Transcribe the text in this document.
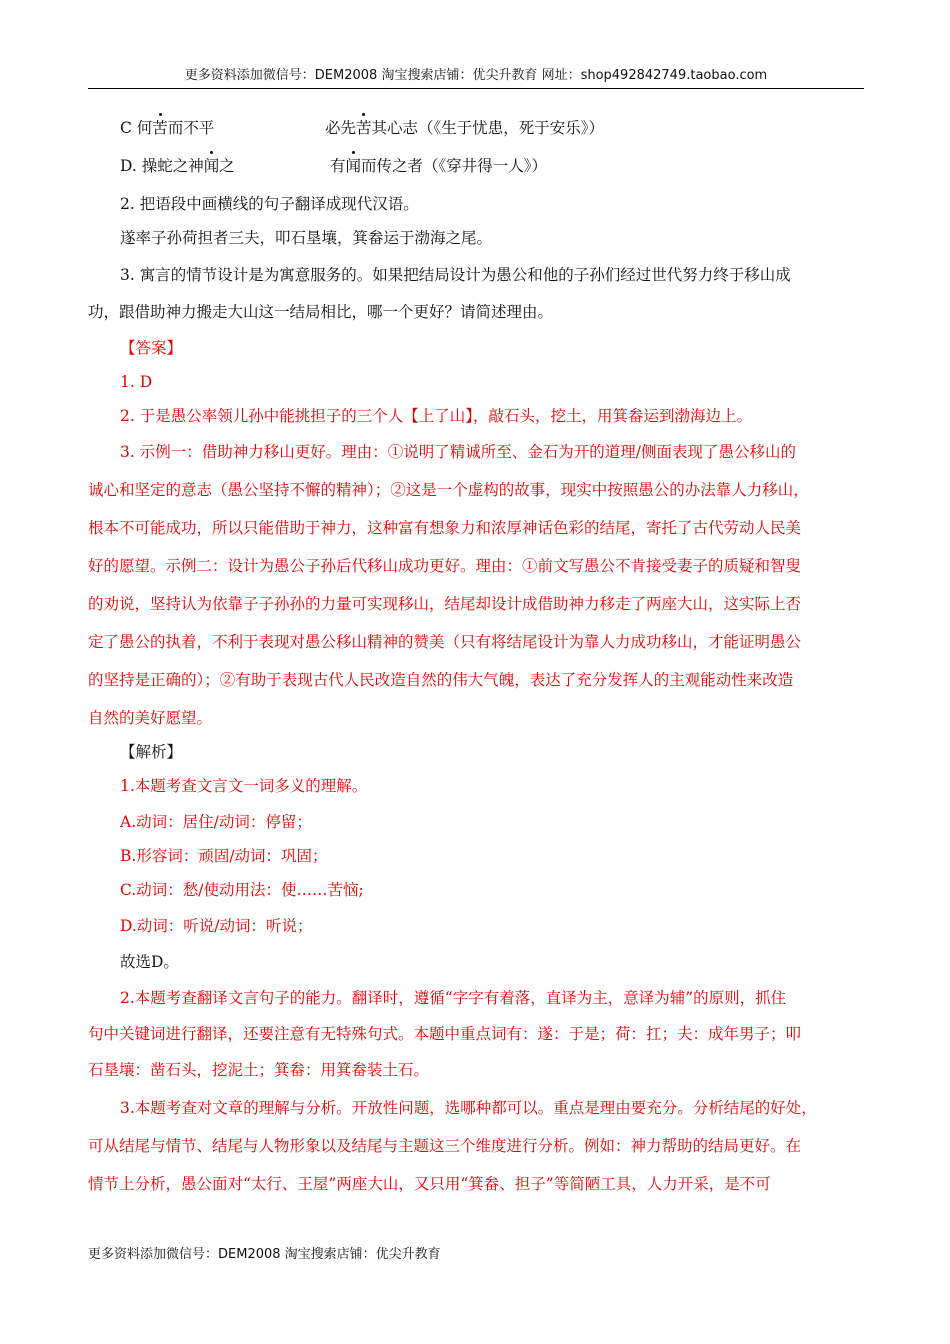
更多资料添加微信号：DEM2008 淘宝搜索店铺：优尖升教育 网址：shop492842749.taobao.com
C 何苦而不平	必先苦其心志（《生于忧患，死于安乐》）
D. 操蛇之神闻之	有闻而传之者（《穿井得一人》）
2. 把语段中画横线的句子翻译成现代汉语。
遂率子孙荷担者三夫，叩石垦壤，箕畚运于渤海之尾。
3. 寓言的情节设计是为寓意服务的。如果把结局设计为愚公和他的子孙们经过世代努力终于移山成
功，跟借助神力搬走大山这一结局相比，哪一个更好？请简述理由。
【答案】
1. D
2. 于是愚公率领儿孙中能挑担子的三个人【上了山】，敲石头，挖土，用箕畚运到渤海边上。
3. 示例一：借助神力移山更好。理由：①说明了精诚所至、金石为开的道理/侧面表现了愚公移山的
诚心和坚定的意志（愚公坚持不懈的精神）；②这是一个虚构的故事，现实中按照愚公的办法靠人力移山，
根本不可能成功，所以只能借助于神力，这种富有想象力和浓厚神话色彩的结尾，寄托了古代劳动人民美
好的愿望。示例二：设计为愚公子孙后代移山成功更好。理由：①前文写愚公不肯接受妻子的质疑和智叟
的劝说，坚持认为依靠子子孙孙的力量可实现移山，结尾却设计成借助神力移走了两座大山，这实际上否
定了愚公的执着，不利于表现对愚公移山精神的赞美（只有将结尾设计为靠人力成功移山，才能证明愚公
的坚持是正确的）；②有助于表现古代人民改造自然的伟大气魄，表达了充分发挥人的主观能动性来改造
自然的美好愿望。
【解析】
1.本题考查文言文一词多义的理解。
A.动词：居住/动词：停留；
B.形容词：顽固/动词：巩固；
C.动词：愁/使动用法：使……苦恼;
D.动词：听说/动词：听说；
故选D。
2.本题考查翻译文言句子的能力。翻译时，遵循“字字有着落，直译为主，意译为辅”的原则，抓住
句中关键词进行翻译，还要注意有无特殊句式。本题中重点词有：遂：于是；荷：扛；夫：成年男子；叩
石垦壤：凿石头，挖泥土；箕畚：用箕畚装土石。
3.本题考查对文章的理解与分析。开放性问题，选哪种都可以。重点是理由要充分。分析结尾的好处，
可从结尾与情节、结尾与人物形象以及结尾与主题这三个维度进行分析。例如：神力帮助的结局更好。在
情节上分析，愚公面对“太行、王屋”两座大山，又只用“箕畚、担子”等简陋工具，人力开采，是不可
更多资料添加微信号：DEM2008 淘宝搜索店铺：优尖升教育
